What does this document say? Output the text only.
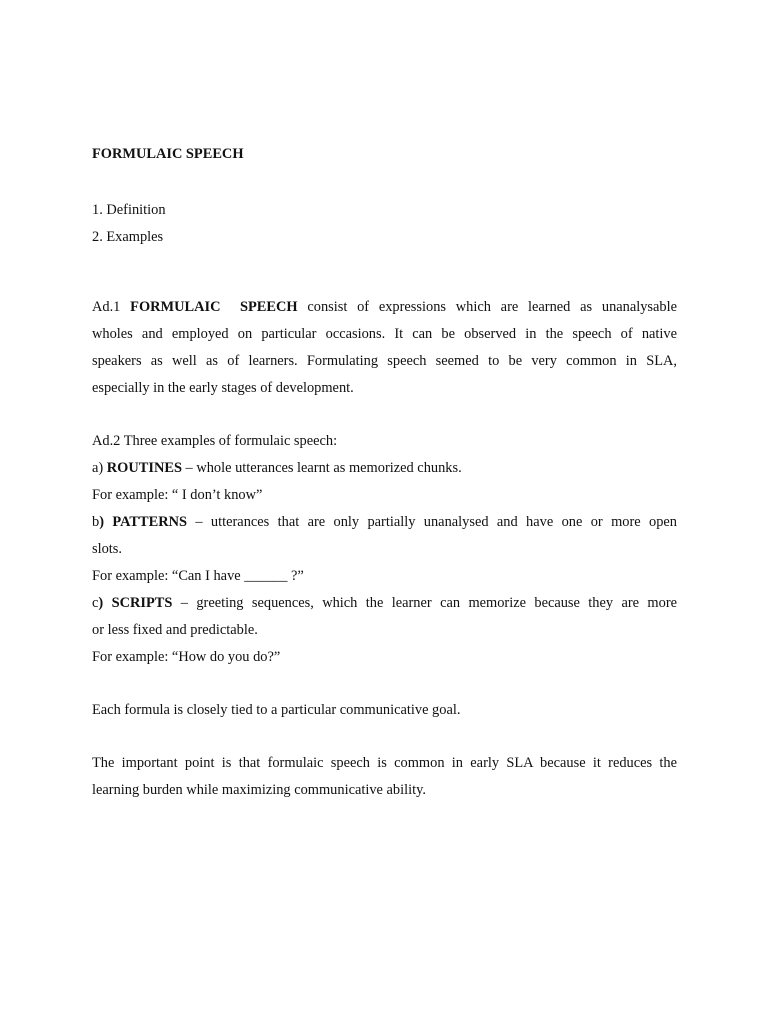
FORMULAIC SPEECH

1. Definition

2. Examples

Ad.1 FORMULAIC  SPEECH consist of expressions which are learned as unanalysable
wholes and employed on particular occasions. It can be observed in the speech of native
speakers as well as of learners. Formulating speech seemed to be very common in SLA,
especially in the early stages of development.

Ad.2 Three examples of formulaic speech:

a) ROUTINES – whole utterances learnt as memorized chunks.

For example: “ I don’t know”

b) PATTERNS – utterances that are only partially unanalysed and have one or more open
slots.

For example: “Can I have ______ ?”

c) SCRIPTS – greeting sequences, which the learner can memorize because they are more
or less fixed and predictable.

For example: “How do you do?”

Each formula is closely tied to a particular communicative goal.

The important point is that formulaic speech is common in early SLA because it reduces the
learning burden while maximizing communicative ability.
